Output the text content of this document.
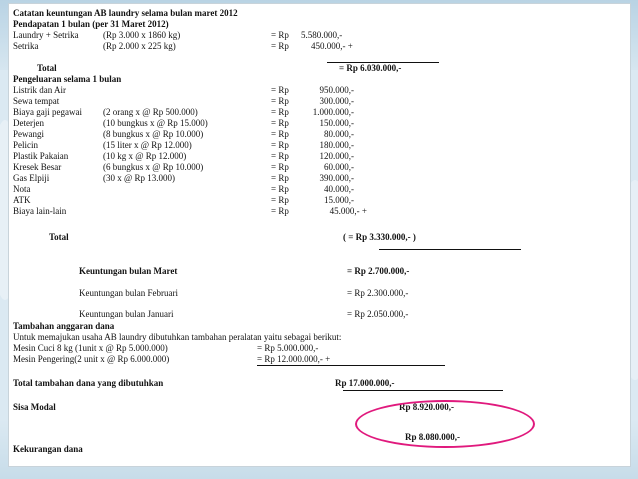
Catatan keuntungan AB laundry selama bulan maret 2012
Pendapatan 1 bulan (per 31 Maret 2012)
Laundry + Setrika	(Rp 3.000 x 1860 kg)	= Rp 5.580.000,-
Setrika	(Rp 2.000 x 225 kg)	= Rp 450.000,- +
Total	= Rp 6.030.000,-
Pengeluaran selama 1 bulan
Listrik dan Air	= Rp	950.000,-
Sewa tempat	= Rp	300.000,-
Biaya gaji pegawai (2 orang x @ Rp 500.000)	= Rp	1.000.000,-
Deterjen	(10 bungkus x @ Rp 15.000)	= Rp	150.000,-
Pewangi	(8 bungkus x @ Rp 10.000)	= Rp	80.000,-
Pelicin	(15 liter x @ Rp 12.000)	= Rp	180.000,-
Plastik Pakaian	(10 kg x @ Rp 12.000)	= Rp	120.000,-
Kresek Besar	(6 bungkus x @ Rp 10.000)	= Rp	60.000,-
Gas Elpiji	(30 x @ Rp 13.000)	= Rp	390.000,-
Nota	= Rp	40.000,-
ATK	= Rp	15.000,-
Biaya lain-lain	= Rp	45.000,- +
Total	( = Rp 3.330.000,- )
Keuntungan bulan Maret	= Rp 2.700.000,-
Keuntungan bulan Februari	= Rp 2.300.000,-
Keuntungan bulan Januari	= Rp 2.050.000,-
Tambahan anggaran dana
Untuk memajukan usaha AB laundry dibutuhkan tambahan peralatan yaitu sebagai berikut:
Mesin Cuci 8 kg (1unit x @ Rp 5.000.000)	= Rp 5.000.000,-
Mesin Pengering(2 unit x @ Rp 6.000.000)	= Rp 12.000.000,- +
Total tambahan dana yang dibutuhkan	Rp 17.000.000,-
Sisa Modal	Rp 8.920.000,-
Rp 8.080.000,-
Kekurangan dana
